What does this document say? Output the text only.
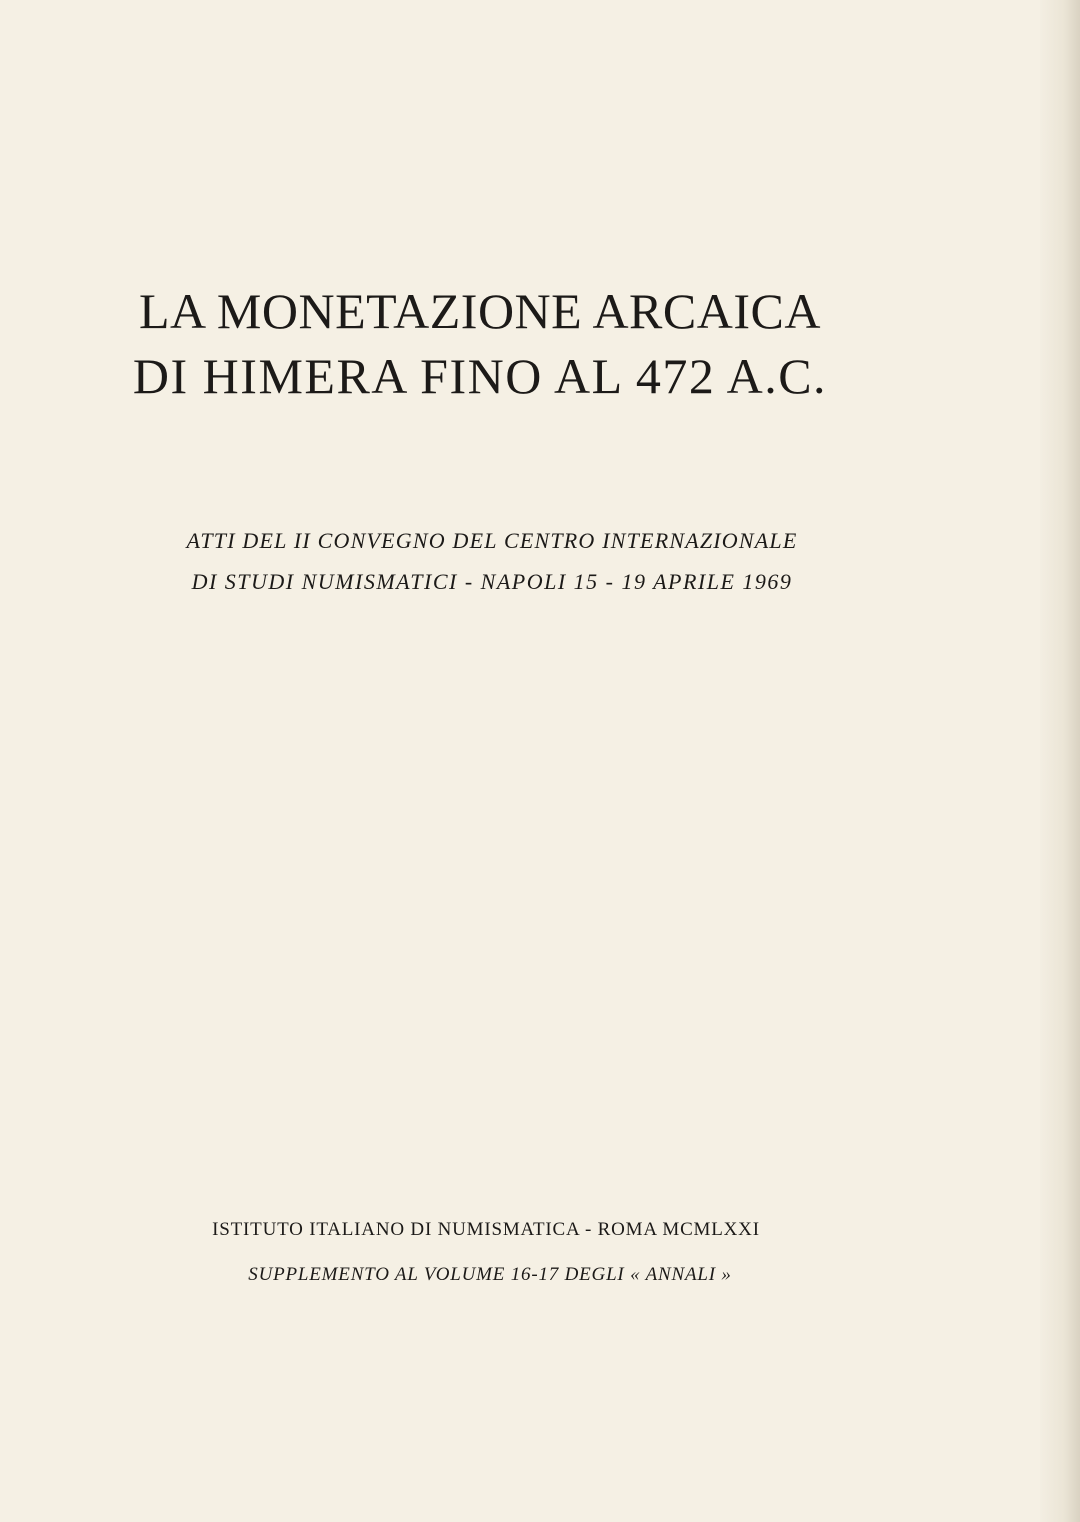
LA MONETAZIONE ARCAICA
DI HIMERA FINO AL 472 A.C.
ATTI DEL II CONVEGNO DEL CENTRO INTERNAZIONALE
DI STUDI NUMISMATICI - NAPOLI 15 - 19 APRILE 1969
ISTITUTO ITALIANO DI NUMISMATICA - ROMA MCMLXXI
SUPPLEMENTO AL VOLUME 16-17 DEGLI « ANNALI »
